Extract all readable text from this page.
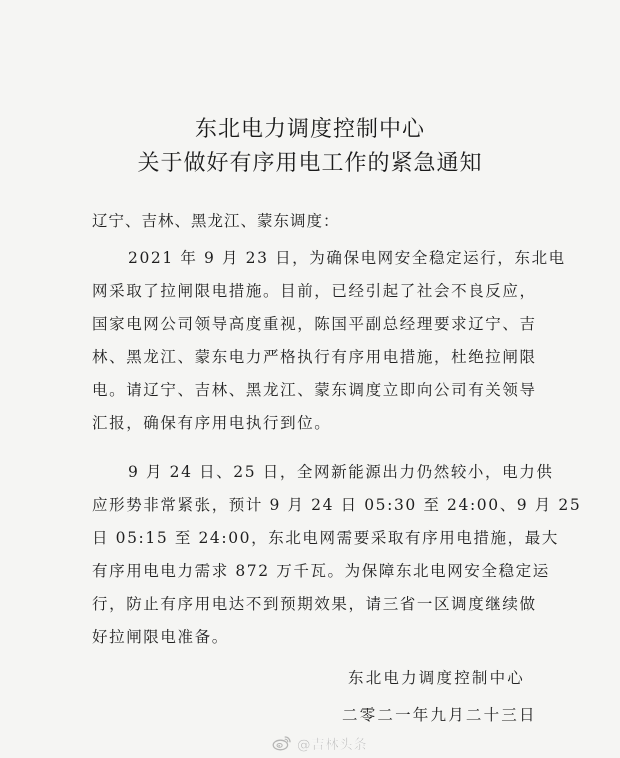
东北电力调度控制中心
关于做好有序用电工作的紧急通知
辽宁、吉林、黑龙江、蒙东调度：
2021 年 9 月 23 日，为确保电网安全稳定运行，东北电
网采取了拉闸限电措施。目前，已经引起了社会不良反应，
国家电网公司领导高度重视，陈国平副总经理要求辽宁、吉
林、黑龙江、蒙东电力严格执行有序用电措施，杜绝拉闸限
电。请辽宁、吉林、黑龙江、蒙东调度立即向公司有关领导
汇报，确保有序用电执行到位。
9 月 24 日、25 日，全网新能源出力仍然较小，电力供
应形势非常紧张，预计 9 月 24 日 05:30 至 24:00、9 月 25
日 05:15 至 24:00，东北电网需要采取有序用电措施，最大
有序用电电力需求 872 万千瓦。为保障东北电网安全稳定运
行，防止有序用电达不到预期效果，请三省一区调度继续做
好拉闸限电准备。
东北电力调度控制中心
二零二一年九月二十三日
@吉林头条
